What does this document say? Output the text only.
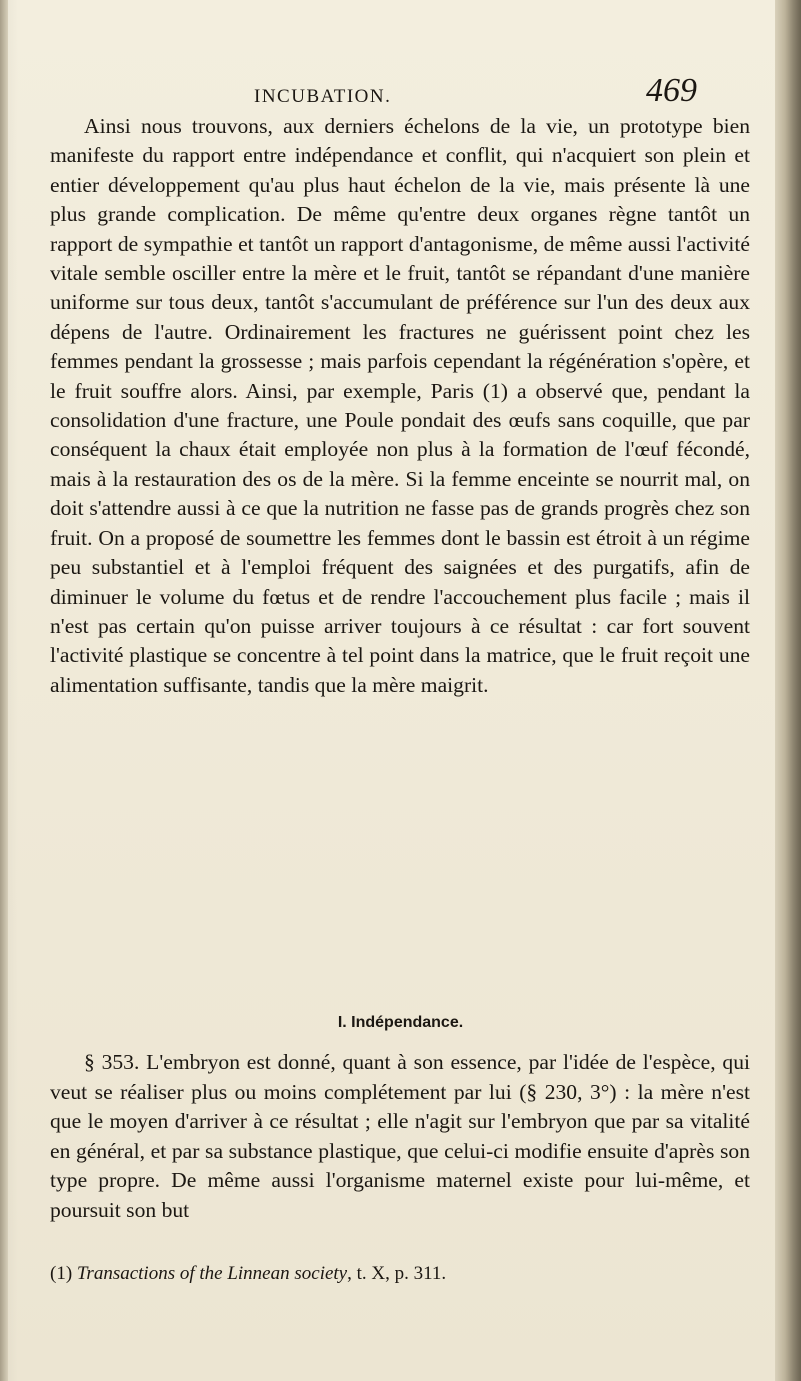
INCUBATION.	469

Ainsi nous trouvons, aux derniers échelons de la vie, un prototype bien manifeste du rapport entre indépendance et conflit, qui n'acquiert son plein et entier développement qu'au plus haut échelon de la vie, mais présente là une plus grande complication. De même qu'entre deux organes règne tantôt un rapport de sympathie et tantôt un rapport d'antagonisme, de même aussi l'activité vitale semble osciller entre la mère et le fruit, tantôt se répandant d'une manière uniforme sur tous deux, tantôt s'accumulant de préférence sur l'un des deux aux dépens de l'autre. Ordinairement les fractures ne guérissent point chez les femmes pendant la grossesse ; mais parfois cependant la régénération s'opère, et le fruit souffre alors. Ainsi, par exemple, Paris (1) a observé que, pendant la consolidation d'une fracture, une Poule pondait des œufs sans coquille, que par conséquent la chaux était employée non plus à la formation de l'œuf fécondé, mais à la restauration des os de la mère. Si la femme enceinte se nourrit mal, on doit s'attendre aussi à ce que la nutrition ne fasse pas de grands progrès chez son fruit. On a proposé de soumettre les femmes dont le bassin est étroit à un régime peu substantiel et à l'emploi fréquent des saignées et des purgatifs, afin de diminuer le volume du fœtus et de rendre l'accouchement plus facile ; mais il n'est pas certain qu'on puisse arriver toujours à ce résultat : car fort souvent l'activité plastique se concentre à tel point dans la matrice, que le fruit reçoit une alimentation suffisante, tandis que la mère maigrit.

I. Indépendance.

§ 353. L'embryon est donné, quant à son essence, par l'idée de l'espèce, qui veut se réaliser plus ou moins complétement par lui (§ 230, 3°) : la mère n'est que le moyen d'arriver à ce résultat ; elle n'agit sur l'embryon que par sa vitalité en général, et par sa substance plastique, que celui-ci modifie ensuite d'après son type propre. De même aussi l'organisme maternel existe pour lui-même, et poursuit son but

(1) Transactions of the Linnean society, t. X, p. 311.
